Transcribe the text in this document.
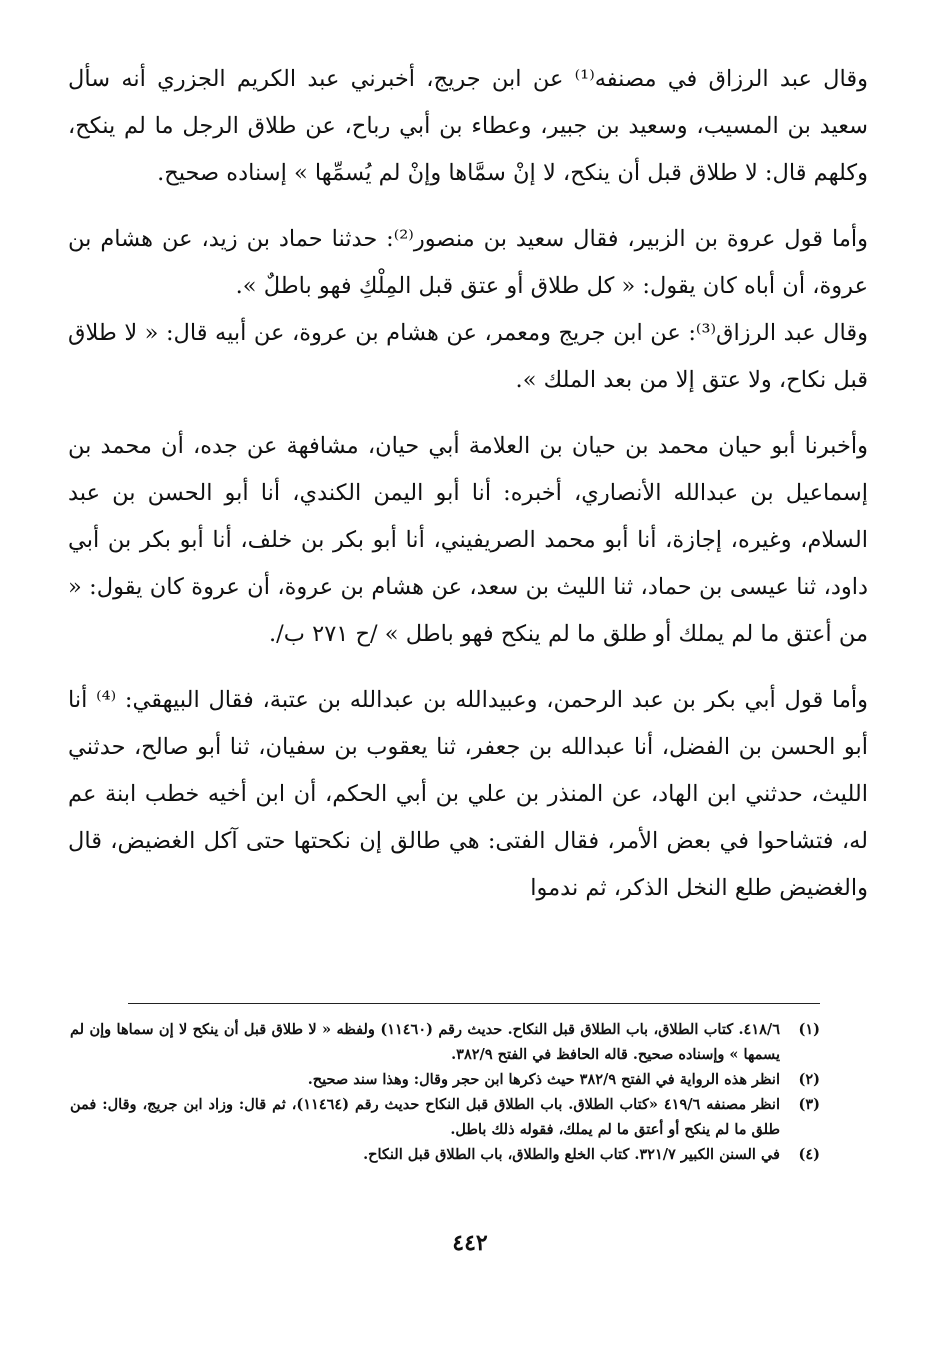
وقال عبد الرزاق في مصنفه⁽¹⁾ عن ابن جريج، أخبرني عبد الكريم الجزري أنه سأل سعيد بن المسيب، وسعيد بن جبير، وعطاء بن أبي رباح، عن طلاق الرجل ما لم ينكح، وكلهم قال: لا طلاق قبل أن ينكح، لا إنْ سمَّاها وإنْ لم يُسمِّها » إسناده صحيح.

وأما قول عروة بن الزبير، فقال سعيد بن منصور⁽²⁾: حدثنا حماد بن زيد، عن هشام بن عروة، أن أباه كان يقول: « كل طلاق أو عتق قبل المِلْكِ فهو باطلٌ ».

وقال عبد الرزاق⁽³⁾: عن ابن جريج ومعمر، عن هشام بن عروة، عن أبيه قال: « لا طلاق قبل نكاح، ولا عتق إلا من بعد الملك ».

وأخبرنا أبو حيان محمد بن حيان بن العلامة أبي حيان، مشافهة عن جده، أن محمد بن إسماعيل بن عبدالله الأنصاري، أخبره: أنا أبو اليمن الكندي، أنا أبو الحسن بن عبد السلام، وغيره، إجازة، أنا أبو محمد الصريفيني، أنا أبو بكر بن خلف، أنا أبو بكر بن أبي داود، ثنا عيسى بن حماد، ثنا الليث بن سعد، عن هشام بن عروة، أن عروة كان يقول: « من أعتق ما لم يملك أو طلق ما لم ينكح فهو باطل » /ح ٢٧١ ب/.

وأما قول أبي بكر بن عبد الرحمن، وعبيدالله بن عبدالله بن عتبة، فقال البيهقي: ⁽⁴⁾ أنا أبو الحسن بن الفضل، أنا عبدالله بن جعفر، ثنا يعقوب بن سفيان، ثنا أبو صالح، حدثني الليث، حدثني ابن الهاد، عن المنذر بن علي بن أبي الحكم، أن ابن أخيه خطب ابنة عم له، فتشاحوا في بعض الأمر، فقال الفتى: هي طالق إن نكحتها حتى آكل الغضيض، قال والغضيض طلع النخل الذكر، ثم ندموا

(١)
٤١٨/٦. كتاب الطلاق، باب الطلاق قبل النكاح. حديث رقم (١١٤٦٠) ولفظه « لا طلاق قبل أن ينكح لا إن سماها وإن لم يسمها » وإسناده صحيح. قاله الحافظ في الفتح ٣٨٢/٩.
(٢)
انظر هذه الرواية في الفتح ٣٨٢/٩ حيث ذكرها ابن حجر وقال: وهذا سند صحيح.
(٣)
انظر مصنفه ٤١٩/٦ «كتاب الطلاق. باب الطلاق قبل النكاح حديث رقم (١١٤٦٤)، ثم قال: وزاد ابن جريج، وقال: فمن طلق ما لم ينكح أو أعتق ما لم يملك، فقوله ذلك باطل.
(٤)
في السنن الكبير ٣٢١/٧. كتاب الخلع والطلاق، باب الطلاق قبل النكاح.
٤٤٢
